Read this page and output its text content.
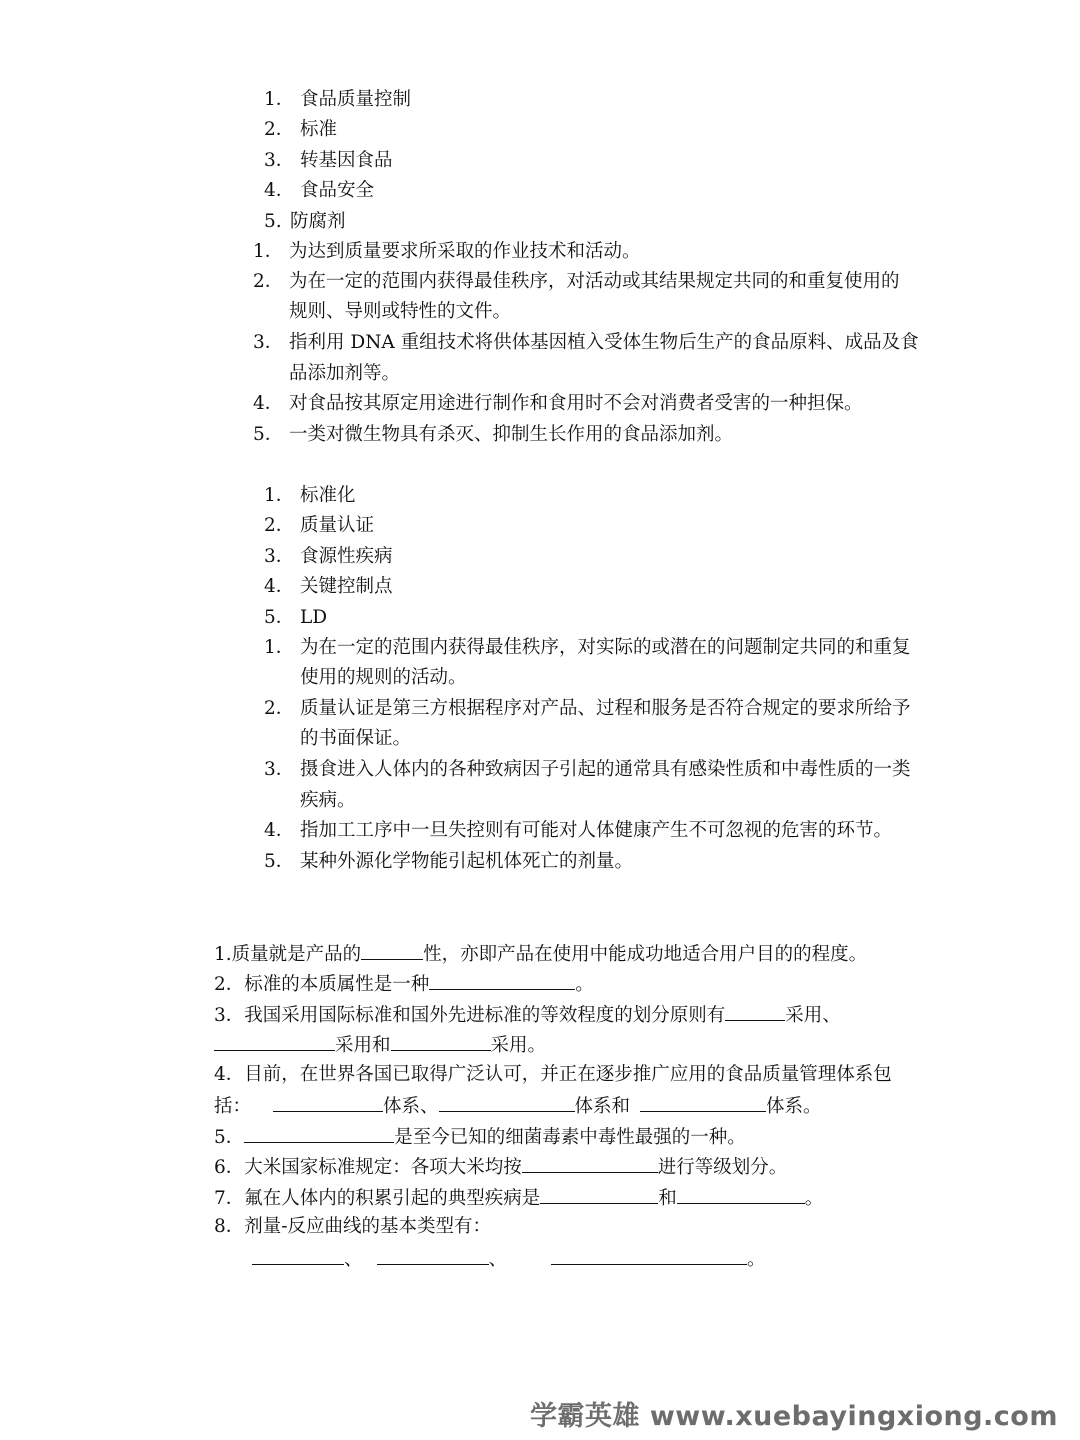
1． 食品质量控制
2． 标准
3． 转基因食品
4． 食品安全
5. 防腐剂
1． 为达到质量要求所采取的作业技术和活动。
2． 为在一定的范围内获得最佳秩序，对活动或其结果规定共同的和重复使用的
规则、导则或特性的文件。
3． 指利用 DNA 重组技术将供体基因植入受体生物后生产的食品原料、成品及食
品添加剂等。
4． 对食品按其原定用途进行制作和食用时不会对消费者受害的一种担保。
5． 一类对微生物具有杀灭、抑制生长作用的食品添加剂。
1． 标准化
2． 质量认证
3． 食源性疾病
4． 关键控制点
5． LD
1． 为在一定的范围内获得最佳秩序，对实际的或潜在的问题制定共同的和重复
使用的规则的活动。
2． 质量认证是第三方根据程序对产品、过程和服务是否符合规定的要求所给予
的书面保证。
3． 摄食进入人体内的各种致病因子引起的通常具有感染性质和中毒性质的一类
疾病。
4． 指加工工序中一旦失控则有可能对人体健康产生不可忽视的危害的环节。
5． 某种外源化学物能引起机体死亡的剂量。
1.质量就是产品的	性，亦即产品在使用中能成功地适合用户目的的程度。
2．标准的本质属性是一种	。
3．我国采用国际标准和国外先进标准的等效程度的划分原则有	采用、
采用和	采用。
4．目前，在世界各国已取得广泛认可，并正在逐步推广应用的食品质量管理体系包
括：	体系、	体系和	体系。
5．	是至今已知的细菌毒素中毒性最强的一种。
6．大米国家标准规定：各项大米均按	进行等级划分。
7．氟在人体内的积累引起的典型疾病是	和	。
8．剂量-反应曲线的基本类型有：
、	、	。
学霸英雄 www.xuebayingxiong.com
